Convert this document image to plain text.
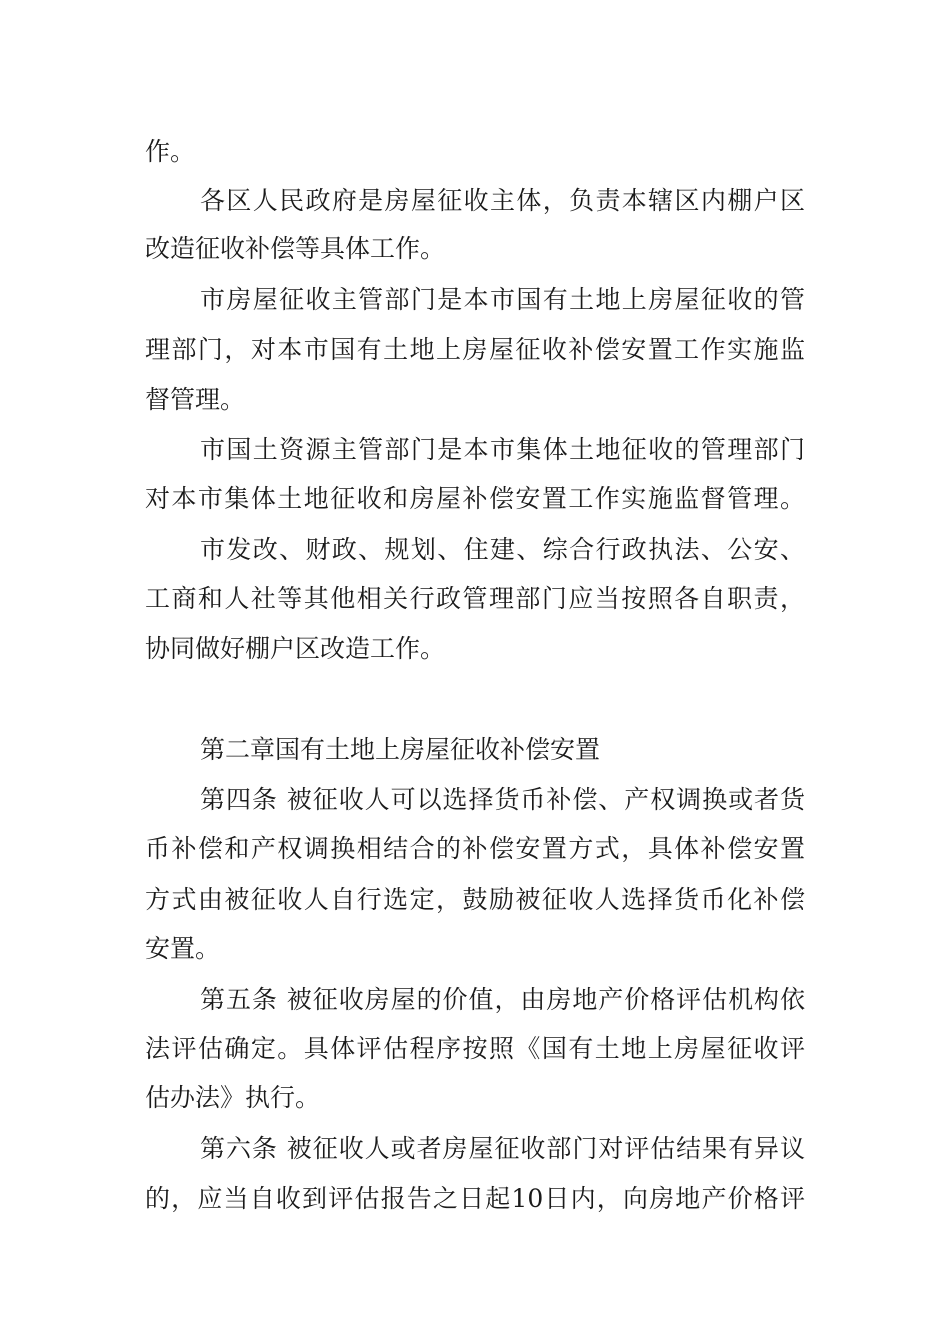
作。
各区人民政府是房屋征收主体，负责本辖区内棚户区
改造征收补偿等具体工作。
市房屋征收主管部门是本市国有土地上房屋征收的管
理部门，对本市国有土地上房屋征收补偿安置工作实施监
督管理。
市国土资源主管部门是本市集体土地征收的管理部门
对本市集体土地征收和房屋补偿安置工作实施监督管理。
市发改、财政、规划、住建、综合行政执法、公安、
工商和人社等其他相关行政管理部门应当按照各自职责，
协同做好棚户区改造工作。
第二章国有土地上房屋征收补偿安置
第四条 被征收人可以选择货币补偿、产权调换或者货
币补偿和产权调换相结合的补偿安置方式，具体补偿安置
方式由被征收人自行选定，鼓励被征收人选择货币化补偿
安置。
第五条 被征收房屋的价值，由房地产价格评估机构依
法评估确定。具体评估程序按照《国有土地上房屋征收评
估办法》执行。
第六条 被征收人或者房屋征收部门对评估结果有异议
的，应当自收到评估报告之日起10日内，向房地产价格评
